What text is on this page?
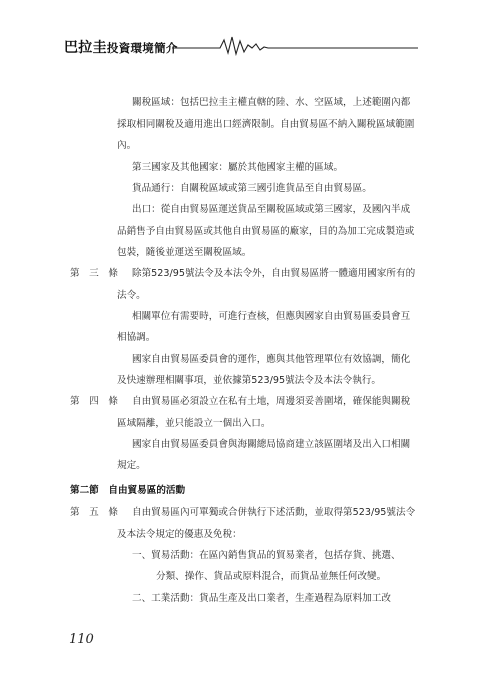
巴拉圭投資環境簡介
關稅區域：包括巴拉圭主權直轄的陸、水、空區域，上述範圍內都
採取相同關稅及適用進出口經濟限制。自由貿易區不納入關稅區域範圍
內。
第三國家及其他國家：屬於其他國家主權的區域。
貨品通行：自關稅區域或第三國引進貨品至自由貿易區。
出口：從自由貿易區運送貨品至關稅區域或第三國家，及國內半成
品銷售予自由貿易區或其他自由貿易區的廠家，目的為加工完成製造或
包裝，隨後並運送至關稅區域。
第　三　條 除第523/95號法令及本法令外，自由貿易區將一體適用國家所有的
法令。
相關單位有需要時，可進行查核，但應與國家自由貿易區委員會互
相協調。
國家自由貿易區委員會的運作，應與其他管理單位有效協調，簡化
及快速辦理相關事項，並依據第523/95號法令及本法令執行。
第　四　條 自由貿易區必須設立在私有土地，周邊須妥善圍堵，確保能與關稅
區域隔離，並只能設立一個出入口。
國家自由貿易區委員會與海關總局協商建立該區圍堵及出入口相關
規定。
第二節　自由貿易區的活動
第　五　條 自由貿易區內可單獨或合併執行下述活動，並取得第523/95號法令
及本法令規定的優惠及免稅：
一、貿易活動：在區內銷售貨品的貿易業者，包括存貨、挑選、
分類、操作、貨品或原料混合，而貨品並無任何改變。
二、工業活動：貨品生產及出口業者，生產過程為原料加工改
110
